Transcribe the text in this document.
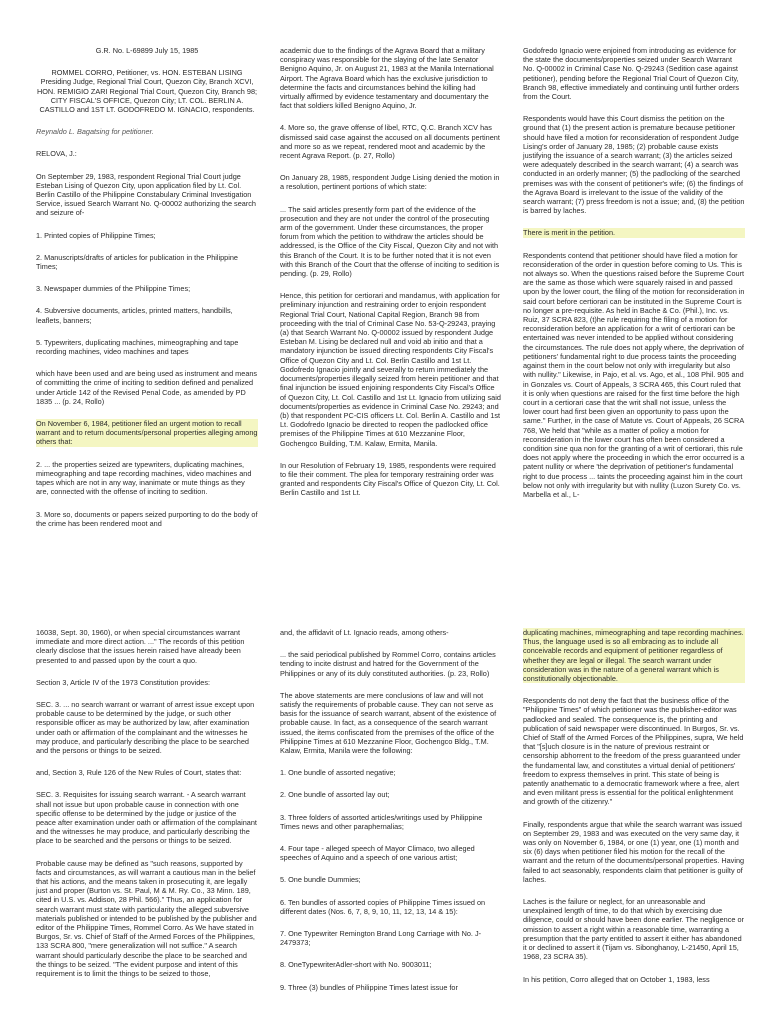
G.R. No. L-69899 July 15, 1985

ROMMEL CORRO, Petitioner, vs. HON. ESTEBAN LISING Presiding Judge, Regional Trial Court, Quezon City, Branch XCVI, HON. REMIGIO ZARI Regional Trial Court, Quezon City, Branch 98; CITY FISCAL'S OFFICE, Quezon City; LT. COL. BERLIN A. CASTILLO and 1ST LT. GODOFREDO M. IGNACIO, respondents.

Reynaldo L. Bagatsing for petitioner.

RELOVA, J.:

On September 29, 1983, respondent Regional Trial Court judge Esteban Lising of Quezon City, upon application filed by Lt. Col. Berlin Castillo of the Philippine Constabulary Criminal Investigation Service, issued Search Warrant No. Q-00002 authorizing the search and seizure of-

1. Printed copies of Philippine Times;

2. Manuscripts/drafts of articles for publication in the Philippine Times;

3. Newspaper dummies of the Philippine Times;

4. Subversive documents, articles, printed matters, handbills, leaflets, banners;

5. Typewriters, duplicating machines, mimeographing and tape recording machines, video machines and tapes

which have been used and are being used as instrument and means of committing the crime of inciting to sedition defined and penalized under Article 142 of the Revised Penal Code, as amended by PD 1835 ... (p. 24, Rollo)

On November 6, 1984, petitioner filed an urgent motion to recall warrant and to return documents/personal properties alleging among others that:

2. ... the properties seized are typewriters, duplicating machines, mimeographing and tape recording machines, video machines and tapes which are not in any way, inanimate or mute things as they are, connected with the offense of inciting to sedition.

3. More so, documents or papers seized purporting to do the body of the crime has been rendered moot and

academic due to the findings of the Agrava Board that a military conspiracy was responsible for the slaying of the late Senator Benigno Aquino, Jr. on August 21, 1983 at the Manila International Airport. The Agrava Board which has the exclusive jurisdiction to determine the facts and circumstances behind the killing had virtually affirmed by evidence testamentary and documentary the fact that soldiers killed Benigno Aquino, Jr.

4. More so, the grave offense of libel, RTC, Q.C. Branch XCV has dismissed said case against the accused on all documents pertinent and more so as we repeat, rendered moot and academic by the recent Agrava Report. (p. 27, Rollo)

On January 28, 1985, respondent Judge Lising denied the motion in a resolution, pertinent portions of which state:

... The said articles presently form part of the evidence of the prosecution and they are not under the control of the prosecuting arm of the government. Under these circumstances, the proper forum from which the petition to withdraw the articles should be addressed, is the Office of the City Fiscal, Quezon City and not with this Branch of the Court. It is to be further noted that it is not even with this Branch of the Court that the offense of inciting to sedition is pending. (p. 29, Rollo)

Hence, this petition for certiorari and mandamus, with application for preliminary injunction and restraining order to enjoin respondent Regional Trial Court, National Capital Region, Branch 98 from proceeding with the trial of Criminal Case No. 53-Q-29243, praying (a) that Search Warrant No. Q-00002 issued by respondent Judge Esteban M. Lising be declared null and void ab initio and that a mandatory injunction be issued directing respondents City Fiscal's Office of Quezon City and Lt. Col. Berlin Castillo and 1st Lt. Godofredo Ignacio jointly and severally to return immediately the documents/properties illegally seized from herein petitioner and that final injunction be issued enjoining respondents City Fiscal's Office of Quezon City, Lt. Col. Castillo and 1st Lt. Ignacio from utilizing said documents/properties as evidence in Criminal Case No. 29243; and (b) that respondent PC-CIS officers Lt. Col. Berlin A. Castillo and 1st Lt. Godofredo Ignacio be directed to reopen the padlocked office premises of the Philippine Times at 610 Mezzanine Floor, Gochengco Building, T.M. Kalaw, Ermita, Manila.

In our Resolution of February 19, 1985, respondents were required to file their comment. The plea for temporary restraining order was granted and respondents City Fiscal's Office of Quezon City, Lt. Col. Berlin Castillo and 1st Lt.

Godofredo Ignacio were enjoined from introducing as evidence for the state the documents/properties seized under Search Warrant No. Q-00002 in Criminal Case No. Q-29243 (Sedition case against petitioner), pending before the Regional Trial Court of Quezon City, Branch 98, effective immediately and continuing until further orders from the Court.

Respondents would have this Court dismiss the petition on the ground that (1) the present action is premature because petitioner should have filed a motion for reconsideration of respondent Judge Lising's order of January 28, 1985; (2) probable cause exists justifying the issuance of a search warrant; (3) the articles seized were adequately described in the search warrant; (4) a search was conducted in an orderly manner; (5) the padlocking of the searched premises was with the consent of petitioner's wife; (6) the findings of the Agrava Board is irrelevant to the issue of the validity of the search warrant; (7) press freedom is not a issue; and, (8) the petition is barred by laches.

There is merit in the petition.

Respondents contend that petitioner should have filed a motion for reconsideration of the order in question before coming to Us. This is not always so. When the questions raised before the Supreme Court are the same as those which were squarely raised in and passed upon by the lower court, the filing of the motion for reconsideration in said court before certiorari can be instituted in the Supreme Court is no longer a pre-requisite. As held in Bache & Co. (Phil.), Inc. vs. Ruiz, 37 SCRA 823, (t)he rule requiring the filing of a motion for reconsideration before an application for a writ of certiorari can be entertained was never intended to be applied without considering the circumstances. The rule does not apply where, the deprivation of petitioners' fundamental right to due process taints the proceeding against them in the court below not only with irregularity but also with nullity." Likewise, in Pajo, et al. vs. Ago, et al., 108 Phil. 905 and in Gonzales vs. Court of Appeals, 3 SCRA 465, this Court ruled that it is only when questions are raised for the first time before the high court in a certiorari case that the writ shall not issue, unless the lower court had first been given an opportunity to pass upon the same." Further, in the case of Matute vs. Court of Appeals, 26 SCRA 768, We held that "while as a matter of policy a motion for reconsideration in the lower court has often been considered a condition sine qua non for the granting of a writ of certiorari, this rule does not apply where the proceeding in which the error occurred is a patent nullity or where 'the deprivation of petitioner's fundamental right to due process ... taints the proceeding against him in the court below not only with irregularity but with nullity (Luzon Surety Co. vs. Marbella et al., L-

16038, Sept. 30, 1960), or when special circumstances warrant immediate and more direct action. ..." The records of this petition clearly disclose that the issues herein raised have already been presented to and passed upon by the court a quo.

Section 3, Article IV of the 1973 Constitution provides:

SEC. 3. ... no search warrant or warrant of arrest issue except upon probable cause to be determined by the judge, or such other responsible officer as may be authorized by law, after examination under oath or affirmation of the complainant and the witnesses he may produce, and particularly describing the place to be searched and the persons or things to be seized.

and, Section 3, Rule 126 of the New Rules of Court, states that:

SEC. 3. Requisites for issuing search warrant. - A search warrant shall not issue but upon probable cause in connection with one specific offense to be determined by the judge or justice of the peace after examination under oath or affirmation of the complainant and the witnesses he may produce, and particularly describing the place to be searched and the persons or things to be seized.

Probable cause may be defined as "such reasons, supported by facts and circumstances, as will warrant a cautious man in the belief that his actions, and the means taken in prosecuting it, are legally just and proper (Burton vs. St. Paul, M & M. Ry. Co., 33 Minn. 189, cited in U.S. vs. Addison, 28 Phil. 566)." Thus, an application for search warrant must state with particularity the alleged subversive materials published or intended to be published by the publisher and editor of the Philippine Times, Rommel Corro. As We have stated in Burgos, Sr. vs. Chief of Staff of the Armed Forces of the Philippines, 133 SCRA 800, "mere generalization will not suffice." A search warrant should particularly describe the place to be searched and the things to be seized. "The evident purpose and intent of this requirement is to limit the things to be seized to those,

and, the affidavit of Lt. Ignacio reads, among others-

... the said periodical published by Rommel Corro, contains articles tending to incite distrust and hatred for the Government of the Philippines or any of its duly constituted authorities. (p. 23, Rollo)

The above statements are mere conclusions of law and will not satisfy the requirements of probable cause. They can not serve as basis for the issuance of search warrant, absent of the existence of probable cause. In fact, as a consequence of the search warrant issued, the items confiscated from the premises of the office of the Philippine Times at 610 Mezzanine Floor, Gochengco Bldg., T.M. Kalaw, Ermita, Manila were the following:

1. One bundle of assorted negative;

2. One bundle of assorted lay out;

3. Three folders of assorted articles/writings used by Philippine Times news and other paraphernalias;

4. Four tape - alleged speech of Mayor Climaco, two alleged speeches of Aquino and a speech of one various artist;

5. One bundle Dummies;

6. Ten bundles of assorted copies of Philippine Times issued on different dates (Nos. 6, 7, 8, 9, 10, 11, 12, 13, 14 & 15):

7. One Typewriter Remington Brand Long Carriage with No. J-2479373;

8. OneTypewriterAdler-short with No. 9003011;

9. Three (3) bundles of Philippine Times latest issue for

duplicating machines, mimeographing and tape recording machines. Thus, the language used is so all embracing as to include all conceivable records and equipment of petitioner regardless of whether they are legal or illegal. The search warrant under consideration was in the nature of a general warrant which is constitutionally objectionable.

Respondents do not deny the fact that the business office of the "Philippine Times" of which petitioner was the publisher-editor was padlocked and sealed. The consequence is, the printing and publication of said newspaper were discontinued. In Burgos, Sr. vs. Chief of Staff of the Armed Forces of the Philippines, supra, We held that "[s]uch closure is in the nature of previous restraint or censorship abhorrent to the freedom of the press guaranteed under the fundamental law, and constitutes a virtual denial of petitioners' freedom to express themselves in print. This state of being is patently anathematic to a democratic framework where a free, alert and even militant press is essential for the political enlightenment and growth of the citizenry."

Finally, respondents argue that while the search warrant was issued on September 29, 1983 and was executed on the very same day, it was only on November 6, 1984, or one (1) year, one (1) month and six (6) days when petitioner filed his motion for the recall of the warrant and the return of the documents/personal properties. Having failed to act seasonably, respondents claim that petitioner is guilty of laches.

Laches is the failure or neglect, for an unreasonable and unexplained length of time, to do that which by exercising due diligence, could or should have been done earlier. The negligence or omission to assert a right within a reasonable time, warranting a presumption that the party entitled to assert it either has abandoned it or declined to assert it (Tijam vs. Sibonghanoy, L-21450, April 15, 1968, 23 SCRA 35).

In his petition, Corro alleged that on October 1, 1983, less
